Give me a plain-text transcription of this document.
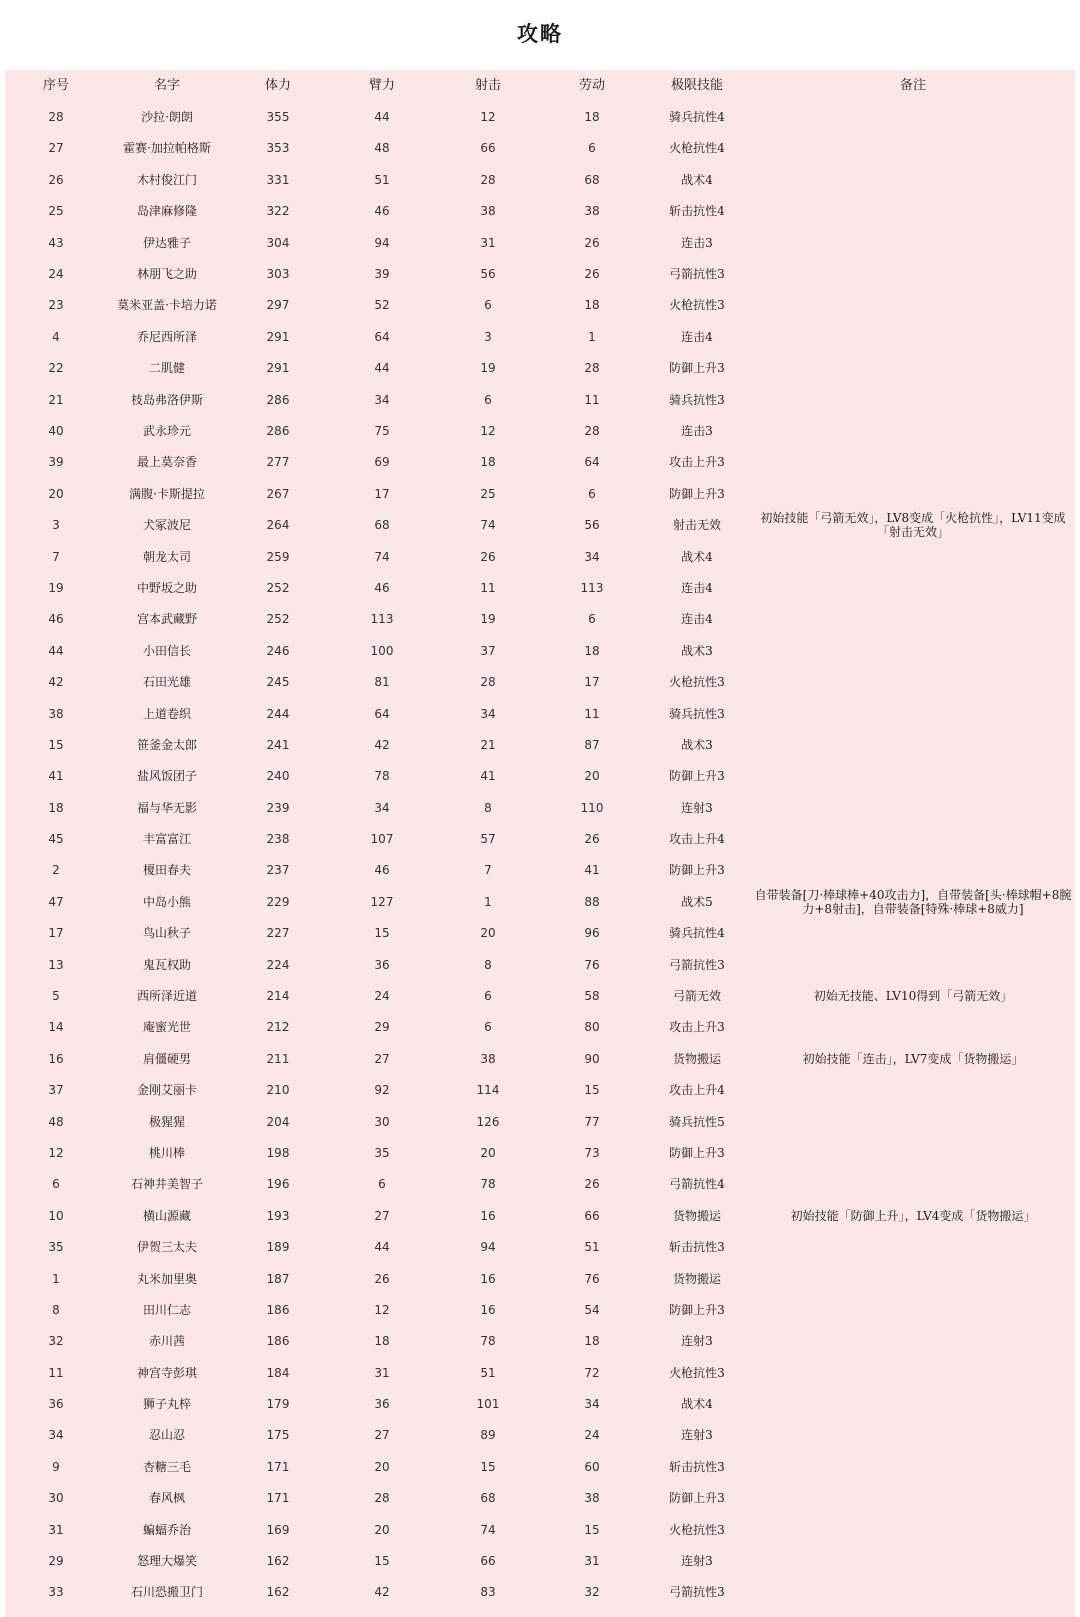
攻略
序号	名字	体力	臂力	射击	劳动	极限技能	备注
28	沙拉·朗朗	355	44	12	18	骑兵抗性4	
27	霍赛·加拉帕格斯	353	48	66	6	火枪抗性4	
26	木村俊江门	331	51	28	68	战术4	
25	岛津麻修隆	322	46	38	38	斩击抗性4	
43	伊达雅子	304	94	31	26	连击3	
24	林朋飞之助	303	39	56	26	弓箭抗性3	
23	莫米亚盖·卡培力诺	297	52	6	18	火枪抗性3	
4	乔尼西所泽	291	64	3	1	连击4	
22	二肌健	291	44	19	28	防御上升3	
21	枝岛弗洛伊斯	286	34	6	11	骑兵抗性3	
40	武永珍元	286	75	12	28	连击3	
39	最上莫奈香	277	69	18	64	攻击上升3	
20	满腹·卡斯提拉	267	17	25	6	防御上升3	
3	犬冢波尼	264	68	74	56	射击无效	初始技能「弓箭无效」，LV8变成「火枪抗性」，LV11变成「射击无效」
7	朝龙太司	259	74	26	34	战术4	
19	中野坂之助	252	46	11	113	连击4	
46	宫本武藏野	252	113	19	6	连击4	
44	小田信长	246	100	37	18	战术3	
42	石田光雄	245	81	28	17	火枪抗性3	
38	上道卷织	244	64	34	11	骑兵抗性3	
15	笹釜金太郎	241	42	21	87	战术3	
41	盐风饭团子	240	78	41	20	防御上升3	
18	福与华无影	239	34	8	110	连射3	
45	丰富富江	238	107	57	26	攻击上升4	
2	榎田春夫	237	46	7	41	防御上升3	
47	中岛小熊	229	127	1	88	战术5	自带装备[刀·棒球棒+40攻击力]，自带装备[头·棒球帽+8腕力+8射击]，自带装备[特殊·棒球+8威力]
17	鸟山秋子	227	15	20	96	骑兵抗性4	
13	鬼瓦权助	224	36	8	76	弓箭抗性3	
5	西所泽近道	214	24	6	58	弓箭无效	初始无技能、LV10得到「弓箭无效」
14	庵蜜光世	212	29	6	80	攻击上升3	
16	肩僵硬男	211	27	38	90	货物搬运	初始技能「连击」，LV7变成「货物搬运」
37	金刚艾丽卡	210	92	114	15	攻击上升4	
48	极猩猩	204	30	126	77	骑兵抗性5	
12	桃川棒	198	35	20	73	防御上升3	
6	石神井美智子	196	6	78	26	弓箭抗性4	
10	横山源藏	193	27	16	66	货物搬运	初始技能「防御上升」，LV4变成「货物搬运」
35	伊贺三太夫	189	44	94	51	斩击抗性3	
1	丸米加里奥	187	26	16	76	货物搬运	
8	田川仁志	186	12	16	54	防御上升3	
32	赤川茜	186	18	78	18	连射3	
11	神宫寺彭琪	184	31	51	72	火枪抗性3	
36	狮子丸梓	179	36	101	34	战术4	
34	忍山忍	175	27	89	24	连射3	
9	杏糖三毛	171	20	15	60	斩击抗性3	
30	春风枫	171	28	68	38	防御上升3	
31	蝙蝠乔治	169	20	74	15	火枪抗性3	
29	怒理大爆笑	162	15	66	31	连射3	
33	石川恐搬卫门	162	42	83	32	弓箭抗性3	
